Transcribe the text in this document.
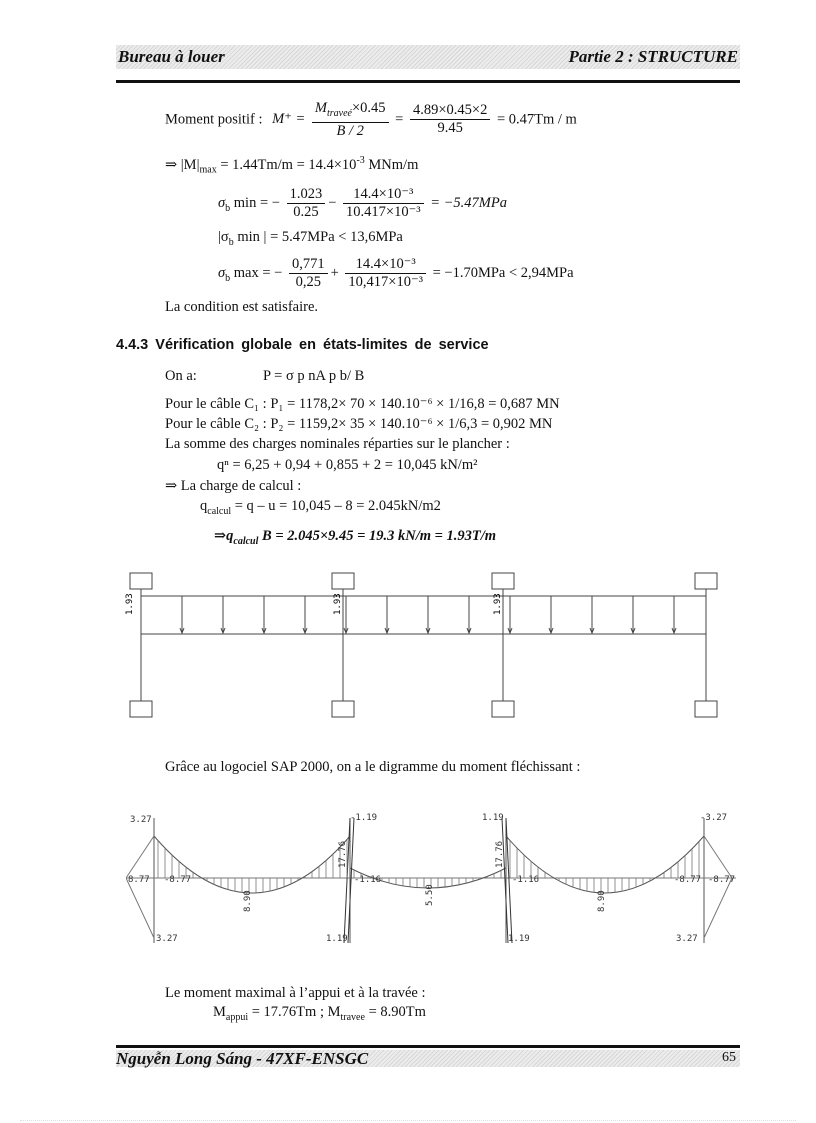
Bureau à louer	Partie 2 : STRUCTURE
Moment positif : $M^+ = \frac{M_{traveé}\times 0.45}{B / 2} = \frac{4.89\times 0.45\times 2}{9.45} = 0.47Tm / m$
⇒ $|M|_{max} = 1.44Tm/m = 14.4\times 10^{-3}$ MNm/m
$\sigma_b$ min = − $\frac{1.023}{0.25} - \frac{\text{14.4×10⁻³}}{\text{10.417×10⁻³}} = -5.47MPa$
$|\sigma_b$ min | = 5.47MPa < 13,6MPa
$\sigma_b$ max = − $\frac{0,771}{0,25} + \frac{\text{14.4×10⁻³}}{\text{10,417×10⁻³}} = -1.70MPa < 2,94MPa$
La condition est satisfaire.
4.4.3 Vérification globale en états-limites de service
On a:	P = σ p nA p b/ B
Pour le câble C₁ : P₁ = 1178,2× 70 × 140.10⁻⁶ × 1/16,8 = 0,687 MN
Pour le câble C₂ : P₂ = 1159,2× 35 × 140.10⁻⁶ × 1/6,3 = 0,902 MN
La somme des charges nominales réparties sur le plancher :
qⁿ = 6,25 + 0,94 + 0,855 + 2 = 10,045 kN/m²
⇒ La charge de calcul :
$q_{calcul} = q - u = 10,045 - 8 = 2.045kN/m2$
$\Rightarrow q_{calcul}$ B = 2.045×9.45 = 19.3 kN/m = 1.93T/m
1.93	1.93	1.93
Grâce au logociel SAP 2000, on a le digramme du moment fléchissant :
3.27	-1.19	1.19	-3.27
3.27	1.19	1.19	3.27
8.77	-8.77
-8.77	-1.16	-1.16	-8.77
8.90	5.50	8.90
17.76	17.76
Le moment maximal à l’appui et à la travée :
$M_{appui} = 17.76Tm$ ; $M_{travee} = 8.90Tm$
Nguyễn Long Sáng - 47XF-ENSGC	65
